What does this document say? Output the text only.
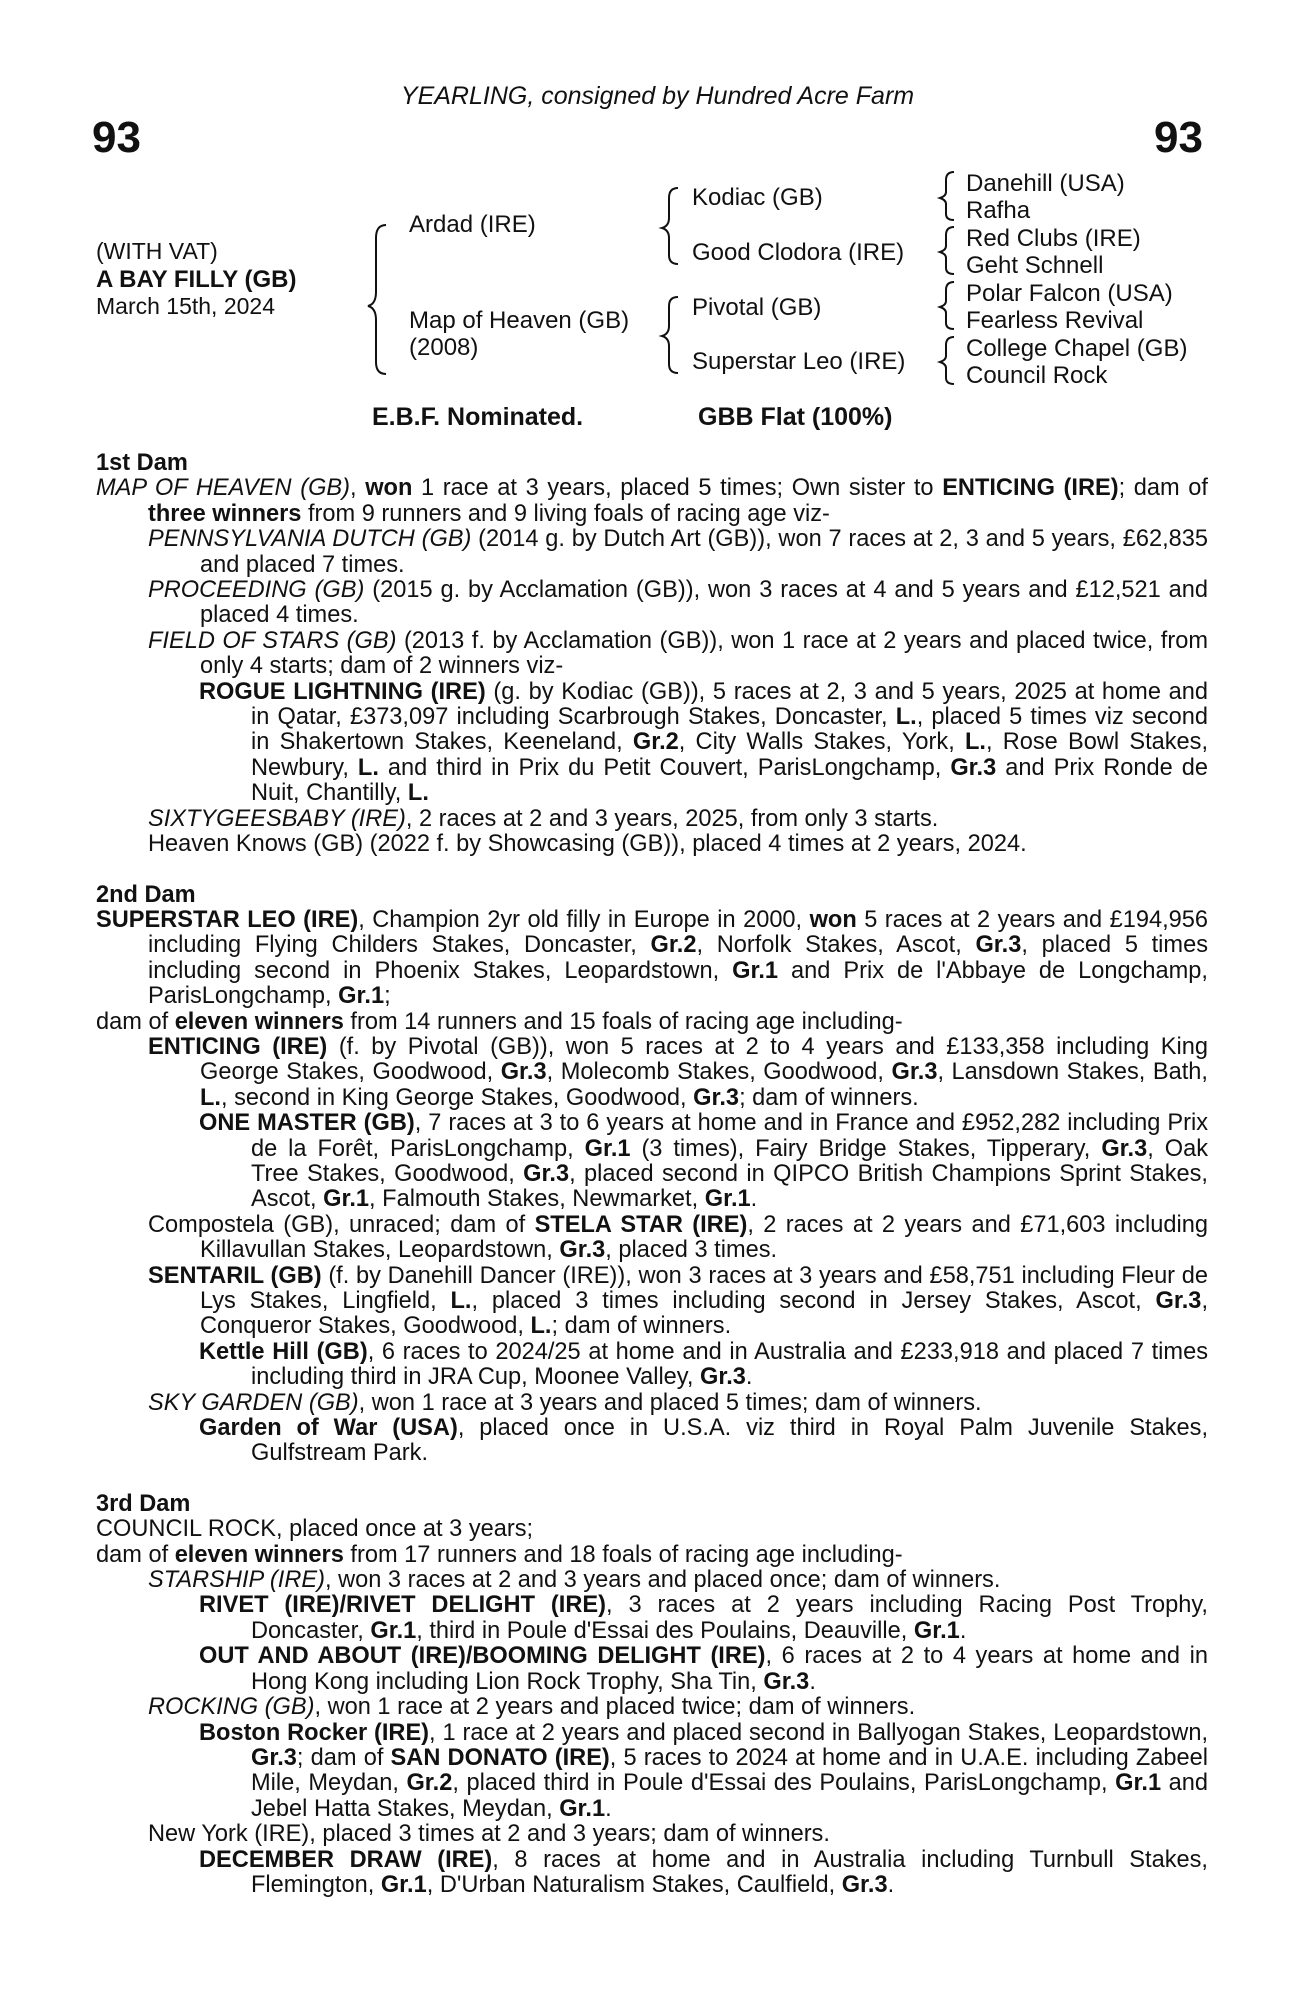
YEARLING, consigned by Hundred Acre Farm
93	93
(WITH VAT)
A BAY FILLY (GB)
March 15th, 2024
Ardad (IRE)
Map of Heaven (GB)
(2008)
Kodiac (GB)
Good Clodora (IRE)
Pivotal (GB)
Superstar Leo (IRE)
Danehill (USA)
Rafha
Red Clubs (IRE)
Geht Schnell
Polar Falcon (USA)
Fearless Revival
College Chapel (GB)
Council Rock
E.B.F. Nominated.	GBB Flat (100%)

1st Dam

MAP OF HEAVEN (GB), won 1 race at 3 years, placed 5 times; Own sister to ENTICING (IRE); dam of three winners from 9 runners and 9 living foals of racing age viz-

PENNSYLVANIA DUTCH (GB) (2014 g. by Dutch Art (GB)), won 7 races at 2, 3 and 5 years, £62,835 and placed 7 times.

PROCEEDING (GB) (2015 g. by Acclamation (GB)), won 3 races at 4 and 5 years and £12,521 and placed 4 times.

FIELD OF STARS (GB) (2013 f. by Acclamation (GB)), won 1 race at 2 years and placed twice, from only 4 starts; dam of 2 winners viz-

ROGUE LIGHTNING (IRE) (g. by Kodiac (GB)), 5 races at 2, 3 and 5 years, 2025 at home and in Qatar, £373,097 including Scarbrough Stakes, Doncaster, L., placed 5 times viz second in Shakertown Stakes, Keeneland, Gr.2, City Walls Stakes, York, L., Rose Bowl Stakes, Newbury, L. and third in Prix du Petit Couvert, ParisLongchamp, Gr.3 and Prix Ronde de Nuit, Chantilly, L.

SIXTYGEESBABY (IRE), 2 races at 2 and 3 years, 2025, from only 3 starts.

Heaven Knows (GB) (2022 f. by Showcasing (GB)), placed 4 times at 2 years, 2024.

2nd Dam

SUPERSTAR LEO (IRE), Champion 2yr old filly in Europe in 2000, won 5 races at 2 years and £194,956 including Flying Childers Stakes, Doncaster, Gr.2, Norfolk Stakes, Ascot, Gr.3, placed 5 times including second in Phoenix Stakes, Leopardstown, Gr.1 and Prix de l'Abbaye de Longchamp, ParisLongchamp, Gr.1;

dam of eleven winners from 14 runners and 15 foals of racing age including-

ENTICING (IRE) (f. by Pivotal (GB)), won 5 races at 2 to 4 years and £133,358 including King George Stakes, Goodwood, Gr.3, Molecomb Stakes, Goodwood, Gr.3, Lansdown Stakes, Bath, L., second in King George Stakes, Goodwood, Gr.3; dam of winners.

ONE MASTER (GB), 7 races at 3 to 6 years at home and in France and £952,282 including Prix de la Forêt, ParisLongchamp, Gr.1 (3 times), Fairy Bridge Stakes, Tipperary, Gr.3, Oak Tree Stakes, Goodwood, Gr.3, placed second in QIPCO British Champions Sprint Stakes, Ascot, Gr.1, Falmouth Stakes, Newmarket, Gr.1.

Compostela (GB), unraced; dam of STELA STAR (IRE), 2 races at 2 years and £71,603 including Killavullan Stakes, Leopardstown, Gr.3, placed 3 times.

SENTARIL (GB) (f. by Danehill Dancer (IRE)), won 3 races at 3 years and £58,751 including Fleur de Lys Stakes, Lingfield, L., placed 3 times including second in Jersey Stakes, Ascot, Gr.3, Conqueror Stakes, Goodwood, L.; dam of winners.

Kettle Hill (GB), 6 races to 2024/25 at home and in Australia and £233,918 and placed 7 times including third in JRA Cup, Moonee Valley, Gr.3.

SKY GARDEN (GB), won 1 race at 3 years and placed 5 times; dam of winners.

Garden of War (USA), placed once in U.S.A. viz third in Royal Palm Juvenile Stakes, Gulfstream Park.

3rd Dam

COUNCIL ROCK, placed once at 3 years;

dam of eleven winners from 17 runners and 18 foals of racing age including-

STARSHIP (IRE), won 3 races at 2 and 3 years and placed once; dam of winners.

RIVET (IRE)/RIVET DELIGHT (IRE), 3 races at 2 years including Racing Post Trophy, Doncaster, Gr.1, third in Poule d'Essai des Poulains, Deauville, Gr.1.

OUT AND ABOUT (IRE)/BOOMING DELIGHT (IRE), 6 races at 2 to 4 years at home and in Hong Kong including Lion Rock Trophy, Sha Tin, Gr.3.

ROCKING (GB), won 1 race at 2 years and placed twice; dam of winners.

Boston Rocker (IRE), 1 race at 2 years and placed second in Ballyogan Stakes, Leopardstown, Gr.3; dam of SAN DONATO (IRE), 5 races to 2024 at home and in U.A.E. including Zabeel Mile, Meydan, Gr.2, placed third in Poule d'Essai des Poulains, ParisLongchamp, Gr.1 and Jebel Hatta Stakes, Meydan, Gr.1.

New York (IRE), placed 3 times at 2 and 3 years; dam of winners.

DECEMBER DRAW (IRE), 8 races at home and in Australia including Turnbull Stakes, Flemington, Gr.1, D'Urban Naturalism Stakes, Caulfield, Gr.3.
